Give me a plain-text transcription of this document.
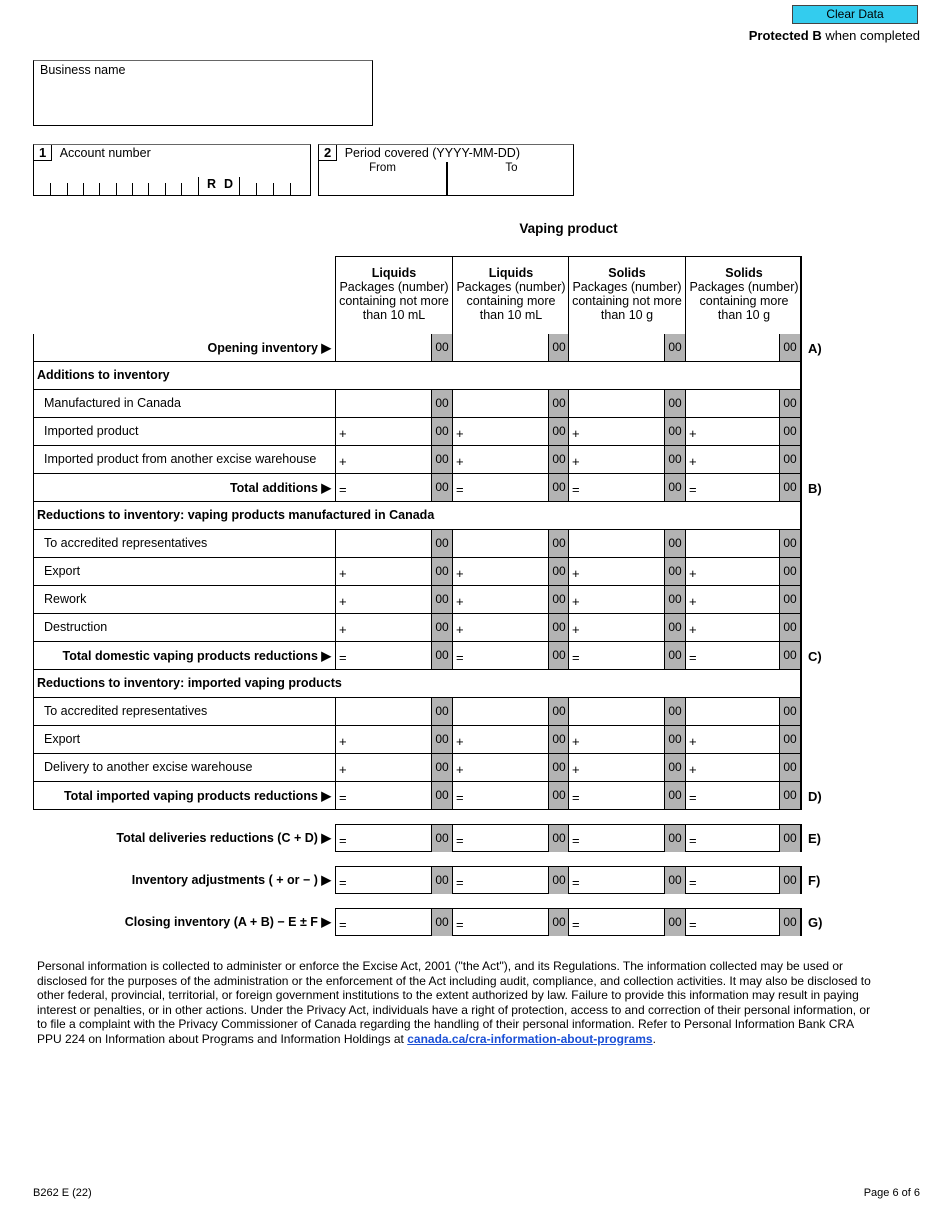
Clear Data
Protected B when completed
Business name
1 Account number
R D
2 Period covered (YYYY-MM-DD)
From	To
Vaping product
Liquids
Packages (number) containing not more than 10 mL
Liquids
Packages (number) containing more than 10 mL
Solids
Packages (number) containing not more than 10 g
Solids
Packages (number) containing more than 10 g
Opening inventory ▶	00	00	00	00 A)
Additions to inventory
Manufactured in Canada	00	00	00	00
Imported product	+	00 +	00 +	00 +	00
Imported product from another excise warehouse	+	00 +	00 +	00 +	00
Total additions ▶ =	00 =	00 =	00 =	00 B)
Reductions to inventory: vaping products manufactured in Canada
To accredited representatives	00	00	00	00
Export	+	00 +	00 +	00 +	00
Rework	+	00 +	00 +	00 +	00
Destruction	+	00 +	00 +	00 +	00
Total domestic vaping products reductions ▶ =	00 =	00 =	00 =	00 C)
Reductions to inventory: imported vaping products
To accredited representatives	00	00	00	00
Export	+	00 +	00 +	00 +	00
Delivery to another excise warehouse	+	00 +	00 +	00 +	00
Total imported vaping products reductions ▶ =	00 =	00 =	00 =	00 D)
Total deliveries reductions (C + D) ▶ =	00 =	00 =	00 =	00 E)
Inventory adjustments ( + or − ) ▶ =	00 =	00 =	00 =	00 F)
Closing inventory (A + B) − E ± F ▶ =	00 =	00 =	00 =	00 G)
Personal information is collected to administer or enforce the Excise Act, 2001 ("the Act"), and its Regulations. The information collected may be used or disclosed for the purposes of the administration or the enforcement of the Act including audit, compliance, and collection activities. It may also be disclosed to other federal, provincial, territorial, or foreign government institutions to the extent authorized by law. Failure to provide this information may result in paying interest or penalties, or in other actions. Under the Privacy Act, individuals have a right of protection, access to and correction of their personal information, or to file a complaint with the Privacy Commissioner of Canada regarding the handling of their personal information. Refer to Personal Information Bank CRA PPU 224 on Information about Programs and Information Holdings at canada.ca/cra-information-about-programs.
B262 E (22)	Page 6 of 6
